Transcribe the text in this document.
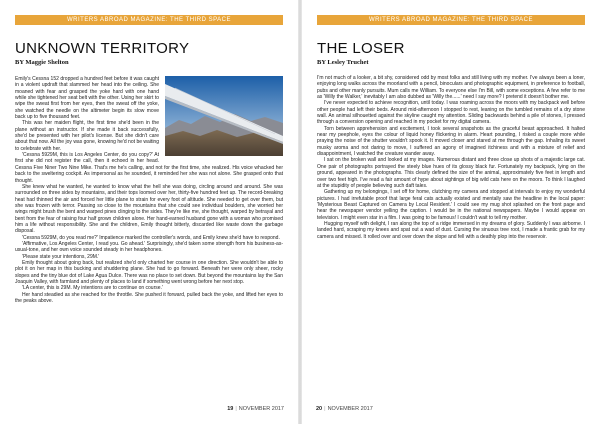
WRITERS ABROAD MAGAZINE: THE THIRD SPACE
UNKNOWN TERRITORY
BY Maggie Shelton

Emily's Cessna 152 dropped a hundred feet before it was caught in a violent updraft that slammed her head into the ceiling. She moaned with fear and grasped the yoke hard with one hand while she tightened her seat belt with the other. Using her skirt to wipe the sweat first from her eyes, then the sweat off the yoke, she watched the needle on the altimeter begin its slow move back up to five thousand feet.

This was her maiden flight, the first time she'd been in the plane without an instructor. If she made it back successfully, she'd be presented with her pilot's license. But she didn't care about that now. All the joy was gone, knowing he'd not be waiting to celebrate with her.

'Cessna 5929M, this is Los Angeles Center, do you copy?' At first she did not register the call, then it echoed in her head. Cessna Five Niner Two Nine Mike. That's me he's calling, and not for the first time, she realized. His voice whacked her back to the sweltering cockpit. As impersonal as he sounded, it reminded her she was not alone. She grasped onto that thought.

She knew what he wanted, he wanted to know what the hell she was doing, circling around and around. She was surrounded on three sides by mountains, and their tops loomed over her, thirty-five hundred feet up. The record-breaking heat had thinned the air and forced her little plane to strain for every foot of altitude. She needed to get over them, but she was frozen with terror. Passing so close to the mountains that she could see individual boulders, she worried her wings might brush the bent and warped pines clinging to the sides. They're like me, she thought, warped by betrayal and bent from the fear of raising four half grown children alone. Her hand-earned husband gone with a woman who promised him a life without responsibility. She and the children, Emily thought bitterly, discarded like waste down the garbage disposal.

'Cessna 5929M, do you read me?' Impatience marked the controller's words, and Emily knew she'd have to respond.

'Affirmative, Los Angeles Center, I read you. Go ahead.' Surprisingly, she'd taken some strength from his business-as-usual-tone, and her own voice sounded steady in her headphones.

'Please state your intentions, 29M.'

Emily thought about going back, but realized she'd only charted her course in one direction. She wouldn't be able to plot it on her map in this bucking and shuddering plane. She had to go forward. Beneath her were only sheer, rocky slopes and the tiny blue dot of Lake Agua Dulce. There was no place to set down. But beyond the mountains lay the San Joaquin Valley, with farmland and plenty of places to land if something went wrong before her next stop.

'LA center, this is 29M. My intentions are to continue on course.'

Her hand steadied as she reached for the throttle. She pushed it forward, pulled back the yoke, and lifted her eyes to the peaks above.

19 | NOVEMBER 2017
WRITERS ABROAD MAGAZINE: THE THIRD SPACE
THE LOSER
BY Lesley Truchet

I'm not much of a looker, a bit shy, considered odd by most folks and still living with my mother. I've always been a loner, enjoying long walks across the moorland with a pencil, binoculars and photographic equipment, in preference to football, pubs and other manly pursuits. Mum calls me William. To everyone else I'm Bill, with some exceptions. A few refer to me as 'Willy the Walker,' inevitably I am also dubbed as 'Willy the......' need I say more? I pretend it doesn't bother me.

I've never expected to achieve recognition, until today. I was roaming across the moors with my backpack well before other people had left their beds. Around mid-afternoon I stopped to rest, leaning on the tumbled remains of a dry stone wall. An animal silhouetted against the skyline caught my attention. Sliding backwards behind a pile of stones, I pressed through a conversion opening and reached in my pocket for my digital camera.

Torn between apprehension and excitement, I took several snapshots as the graceful beast approached. It halted near my peephole, eyes the colour of liquid honey flickering in alarm. Heart pounding, I risked a couple more while praying the noise of the shutter wouldn't spook it. It moved closer and stared at me through the gap. Inhaling its sweet musky aroma and not daring to move, I suffered an agony of imagined itchiness and with a mixture of relief and disappointment, I watched the creature wander away.

I sat on the broken wall and looked at my images. Numerous distant and three close up shots of a majestic large cat. One pair of photographs portrayed the steely blue hues of its glossy black fur. Fortunately my backpack, lying on the ground, appeared in the photographs. This clearly defined the size of the animal, approximately five feet in length and over two feet high. I've read a fair amount of hype about sightings of big wild cats here on the moors. To think I laughed at the stupidity of people believing such daft tales.

Gathering up my belongings, I set off for home, clutching my camera and stopped at intervals to enjoy my wonderful pictures. I had irrefutable proof that large feral cats actually existed and mentally saw the headline in the local paper: 'Mysterious Beast Captured on Camera by Local Resident.' I could see my mug shot splashed on the front page and hear the newspaper vendor yelling the caption. I would be in the national newspapers. Maybe I would appear on television. I might even star in a film. I was going to be famous! I couldn't wait to tell my mother.

Hugging myself with delight, I ran along the top of a ridge immersed in my dreams of glory. Suddenly I was airborne. I landed hard, scraping my knees and spat out a wad of dust. Cursing the sinuous tree root, I made a frantic grab for my camera and missed. It rolled over and over down the slope and fell with a deathly plop into the reservoir.

20 | NOVEMBER 2017
